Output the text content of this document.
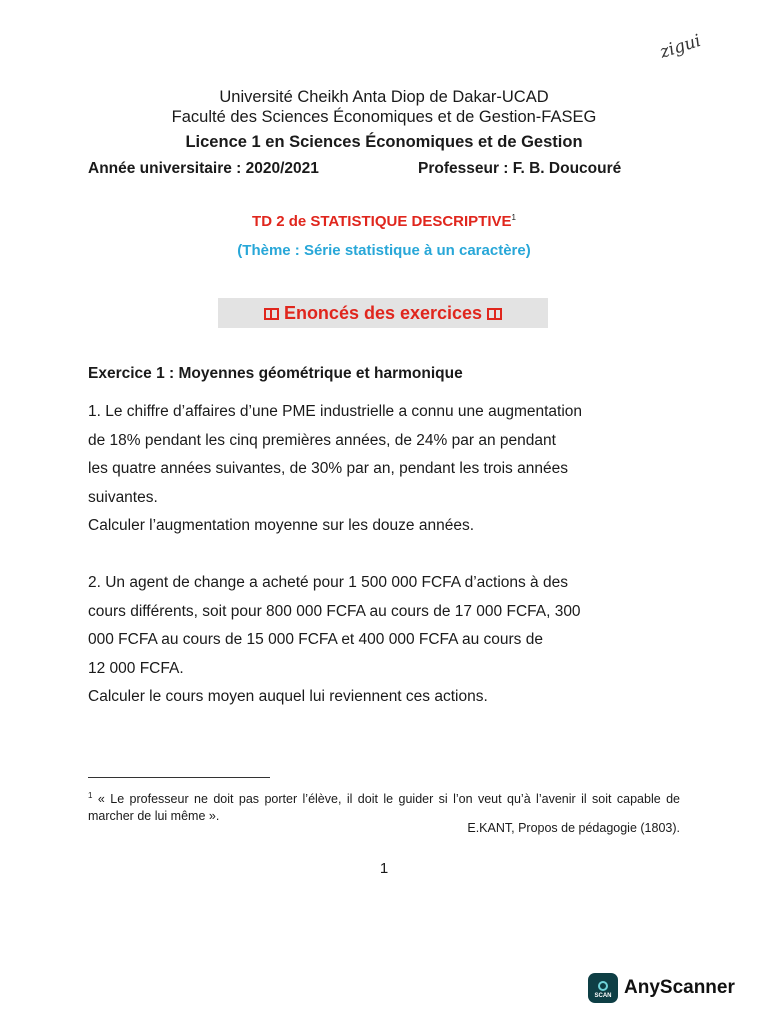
zigui
Université Cheikh Anta Diop de Dakar-UCAD
Faculté des Sciences Économiques et de Gestion-FASEG
Licence 1 en Sciences Économiques et de Gestion
Année universitaire : 2020/2021	Professeur : F. B. Doucouré
TD 2 de STATISTIQUE DESCRIPTIVE$^1$
(Thème : Série statistique à un caractère)
Enoncés des exercices
Exercice 1 : Moyennes géométrique et harmonique
1. Le chiffre d’affaires d’une PME industrielle a connu une augmentation
de 18% pendant les cinq premières années, de 24% par an pendant
les quatre années suivantes, de 30% par an, pendant les trois années
suivantes.
Calculer l’augmentation moyenne sur les douze années.
2. Un agent de change a acheté pour 1 500 000 FCFA d’actions à des
cours différents, soit pour 800 000 FCFA au cours de 17 000 FCFA, 300
000 FCFA au cours de 15 000 FCFA et 400 000 FCFA au cours de
12 000 FCFA.
Calculer le cours moyen auquel lui reviennent ces actions.
$^1$ « Le professeur ne doit pas porter l’élève, il doit le guider si l’on veut qu’à l’avenir il soit capable de marcher de lui même ».
E.KANT, Propos de pédagogie (1803).
1
SCAN AnyScanner
